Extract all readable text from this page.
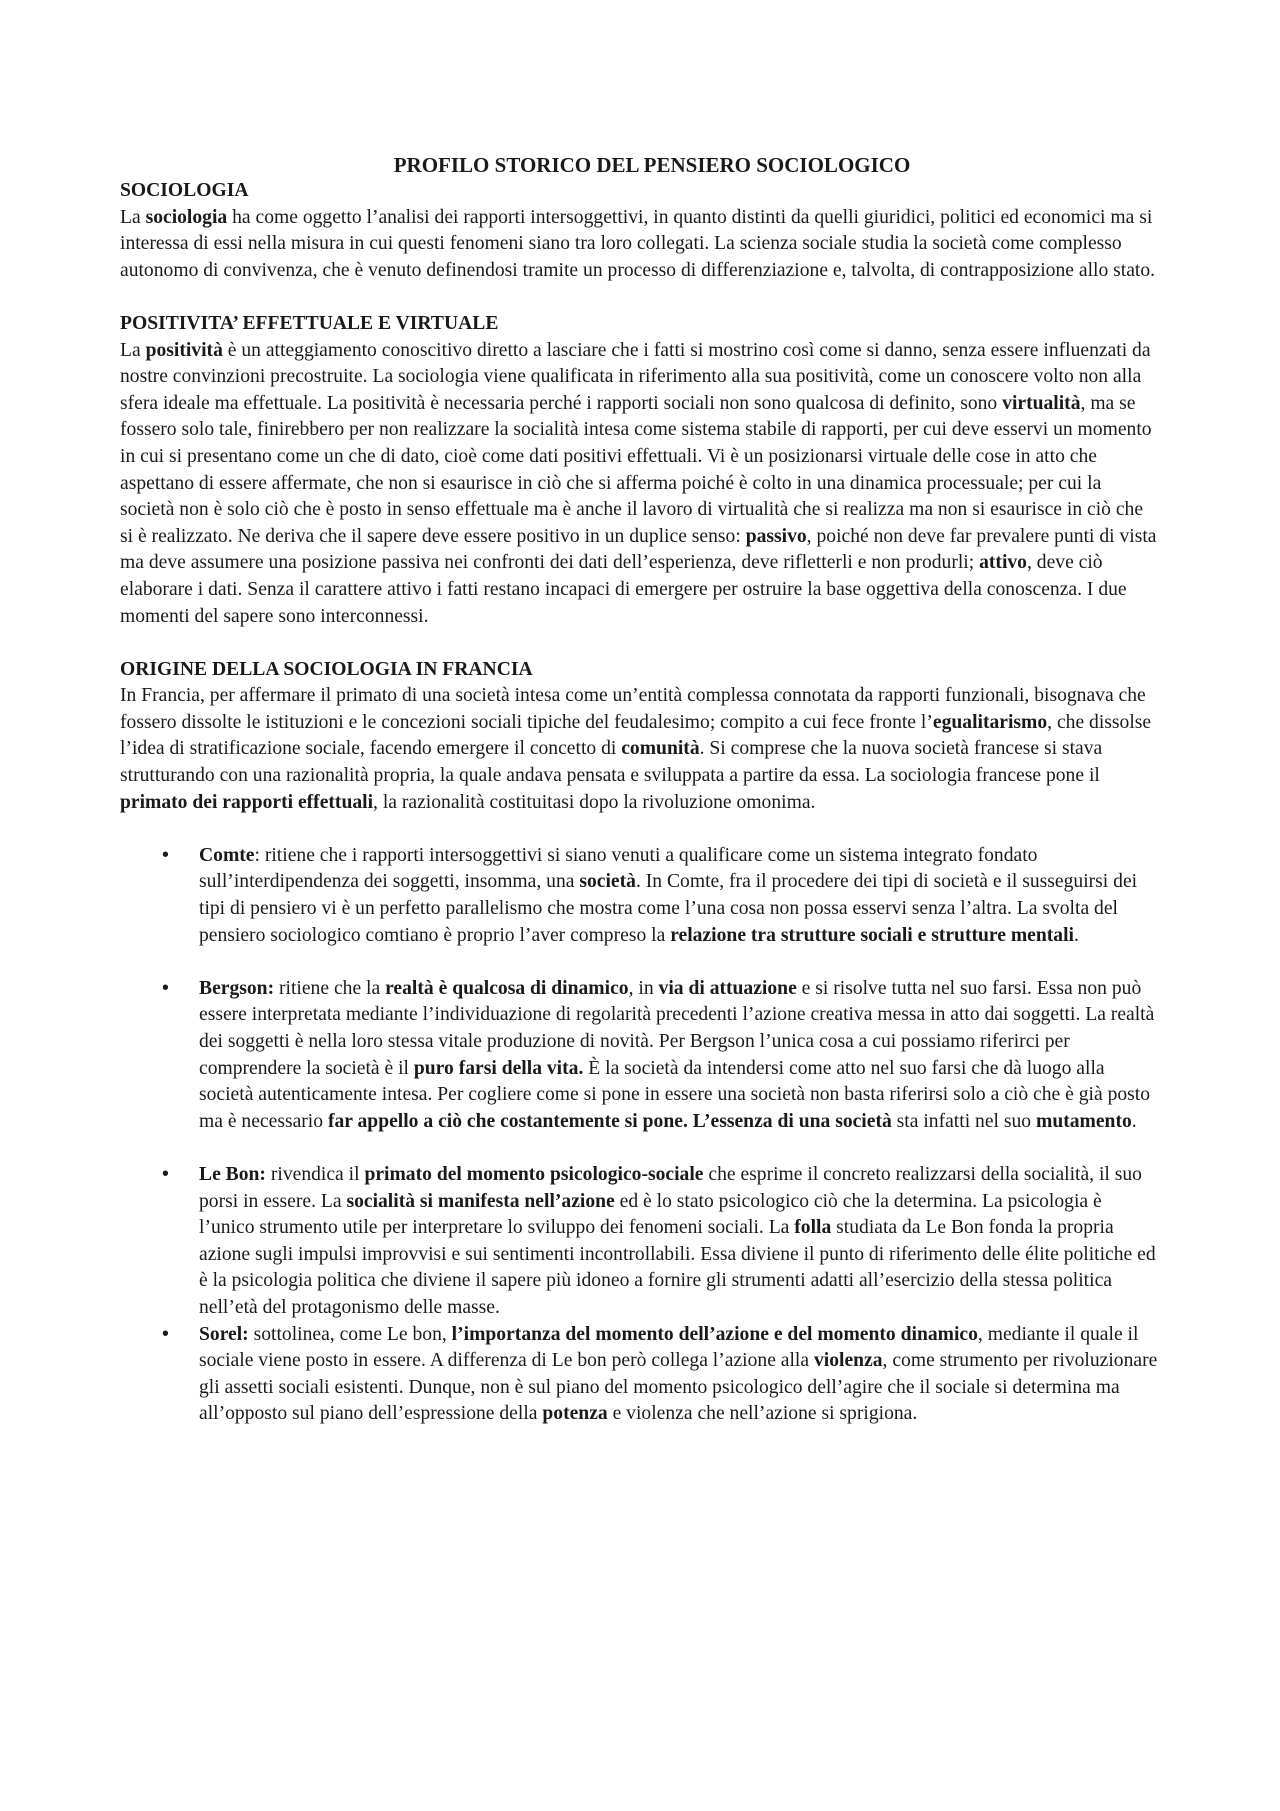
PROFILO STORICO DEL PENSIERO SOCIOLOGICO
SOCIOLOGIA

La sociologia ha come oggetto l’analisi dei rapporti intersoggettivi, in quanto distinti da quelli giuridici, politici ed economici ma si interessa di essi nella misura in cui questi fenomeni siano tra loro collegati. La scienza sociale studia la società come complesso autonomo di convivenza, che è venuto definendosi tramite un processo di differenziazione e, talvolta, di contrapposizione allo stato.

POSITIVITA’ EFFETTUALE E VIRTUALE

La positività è un atteggiamento conoscitivo diretto a lasciare che i fatti si mostrino così come si danno, senza essere influenzati da nostre convinzioni precostruite. La sociologia viene qualificata in riferimento alla sua positività, come un conoscere volto non alla sfera ideale ma effettuale. La positività è necessaria perché i rapporti sociali non sono qualcosa di definito, sono virtualità, ma se fossero solo tale, finirebbero per non realizzare la socialità intesa come sistema stabile di rapporti, per cui deve esservi un momento in cui si presentano come un che di dato, cioè come dati positivi effettuali. Vi è un posizionarsi virtuale delle cose in atto che aspettano di essere affermate, che non si esaurisce in ciò che si afferma poiché è colto in una dinamica processuale; per cui la società non è solo ciò che è posto in senso effettuale ma è anche il lavoro di virtualità che si realizza ma non si esaurisce in ciò che si è realizzato. Ne deriva che il sapere deve essere positivo in un duplice senso: passivo, poiché non deve far prevalere punti di vista ma deve assumere una posizione passiva nei confronti dei dati dell’esperienza, deve rifletterli e non produrli; attivo, deve ciò elaborare i dati. Senza il carattere attivo i fatti restano incapaci di emergere per ostruire la base oggettiva della conoscenza. I due momenti del sapere sono interconnessi.

ORIGINE DELLA SOCIOLOGIA IN FRANCIA

In Francia, per affermare il primato di una società intesa come un’entità complessa connotata da rapporti funzionali, bisognava che fossero dissolte le istituzioni e le concezioni sociali tipiche del feudalesimo; compito a cui fece fronte l’egualitarismo, che dissolse l’idea di stratificazione sociale, facendo emergere il concetto di comunità. Si comprese che la nuova società francese si stava strutturando con una razionalità propria, la quale andava pensata e sviluppata a partire da essa. La sociologia francese pone il primato dei rapporti effettuali, la razionalità costituitasi dopo la rivoluzione omonima.

• Comte: ritiene che i rapporti intersoggettivi si siano venuti a qualificare come un sistema integrato fondato sull’interdipendenza dei soggetti, insomma, una società. In Comte, fra il procedere dei tipi di società e il susseguirsi dei tipi di pensiero vi è un perfetto parallelismo che mostra come l’una cosa non possa esservi senza l’altra. La svolta del pensiero sociologico comtiano è proprio l’aver compreso la relazione tra strutture sociali e strutture mentali.
• Bergson: ritiene che la realtà è qualcosa di dinamico, in via di attuazione e si risolve tutta nel suo farsi. Essa non può essere interpretata mediante l’individuazione di regolarità precedenti l’azione creativa messa in atto dai soggetti. La realtà dei soggetti è nella loro stessa vitale produzione di novità. Per Bergson l’unica cosa a cui possiamo riferirci per comprendere la società è il puro farsi della vita. È la società da intendersi come atto nel suo farsi che dà luogo alla società autenticamente intesa. Per cogliere come si pone in essere una società non basta riferirsi solo a ciò che è già posto ma è necessario far appello a ciò che costantemente si pone. L’essenza di una società sta infatti nel suo mutamento.
• Le Bon: rivendica il primato del momento psicologico-sociale che esprime il concreto realizzarsi della socialità, il suo porsi in essere. La socialità si manifesta nell’azione ed è lo stato psicologico ciò che la determina. La psicologia è l’unico strumento utile per interpretare lo sviluppo dei fenomeni sociali. La folla studiata da Le Bon fonda la propria azione sugli impulsi improvvisi e sui sentimenti incontrollabili. Essa diviene il punto di riferimento delle élite politiche ed è la psicologia politica che diviene il sapere più idoneo a fornire gli strumenti adatti all’esercizio della stessa politica nell’età del protagonismo delle masse.
• Sorel: sottolinea, come Le bon, l’importanza del momento dell’azione e del momento dinamico, mediante il quale il sociale viene posto in essere. A differenza di Le bon però collega l’azione alla violenza, come strumento per rivoluzionare gli assetti sociali esistenti. Dunque, non è sul piano del momento psicologico dell’agire che il sociale si determina ma all’opposto sul piano dell’espressione della potenza e violenza che nell’azione si sprigiona.
